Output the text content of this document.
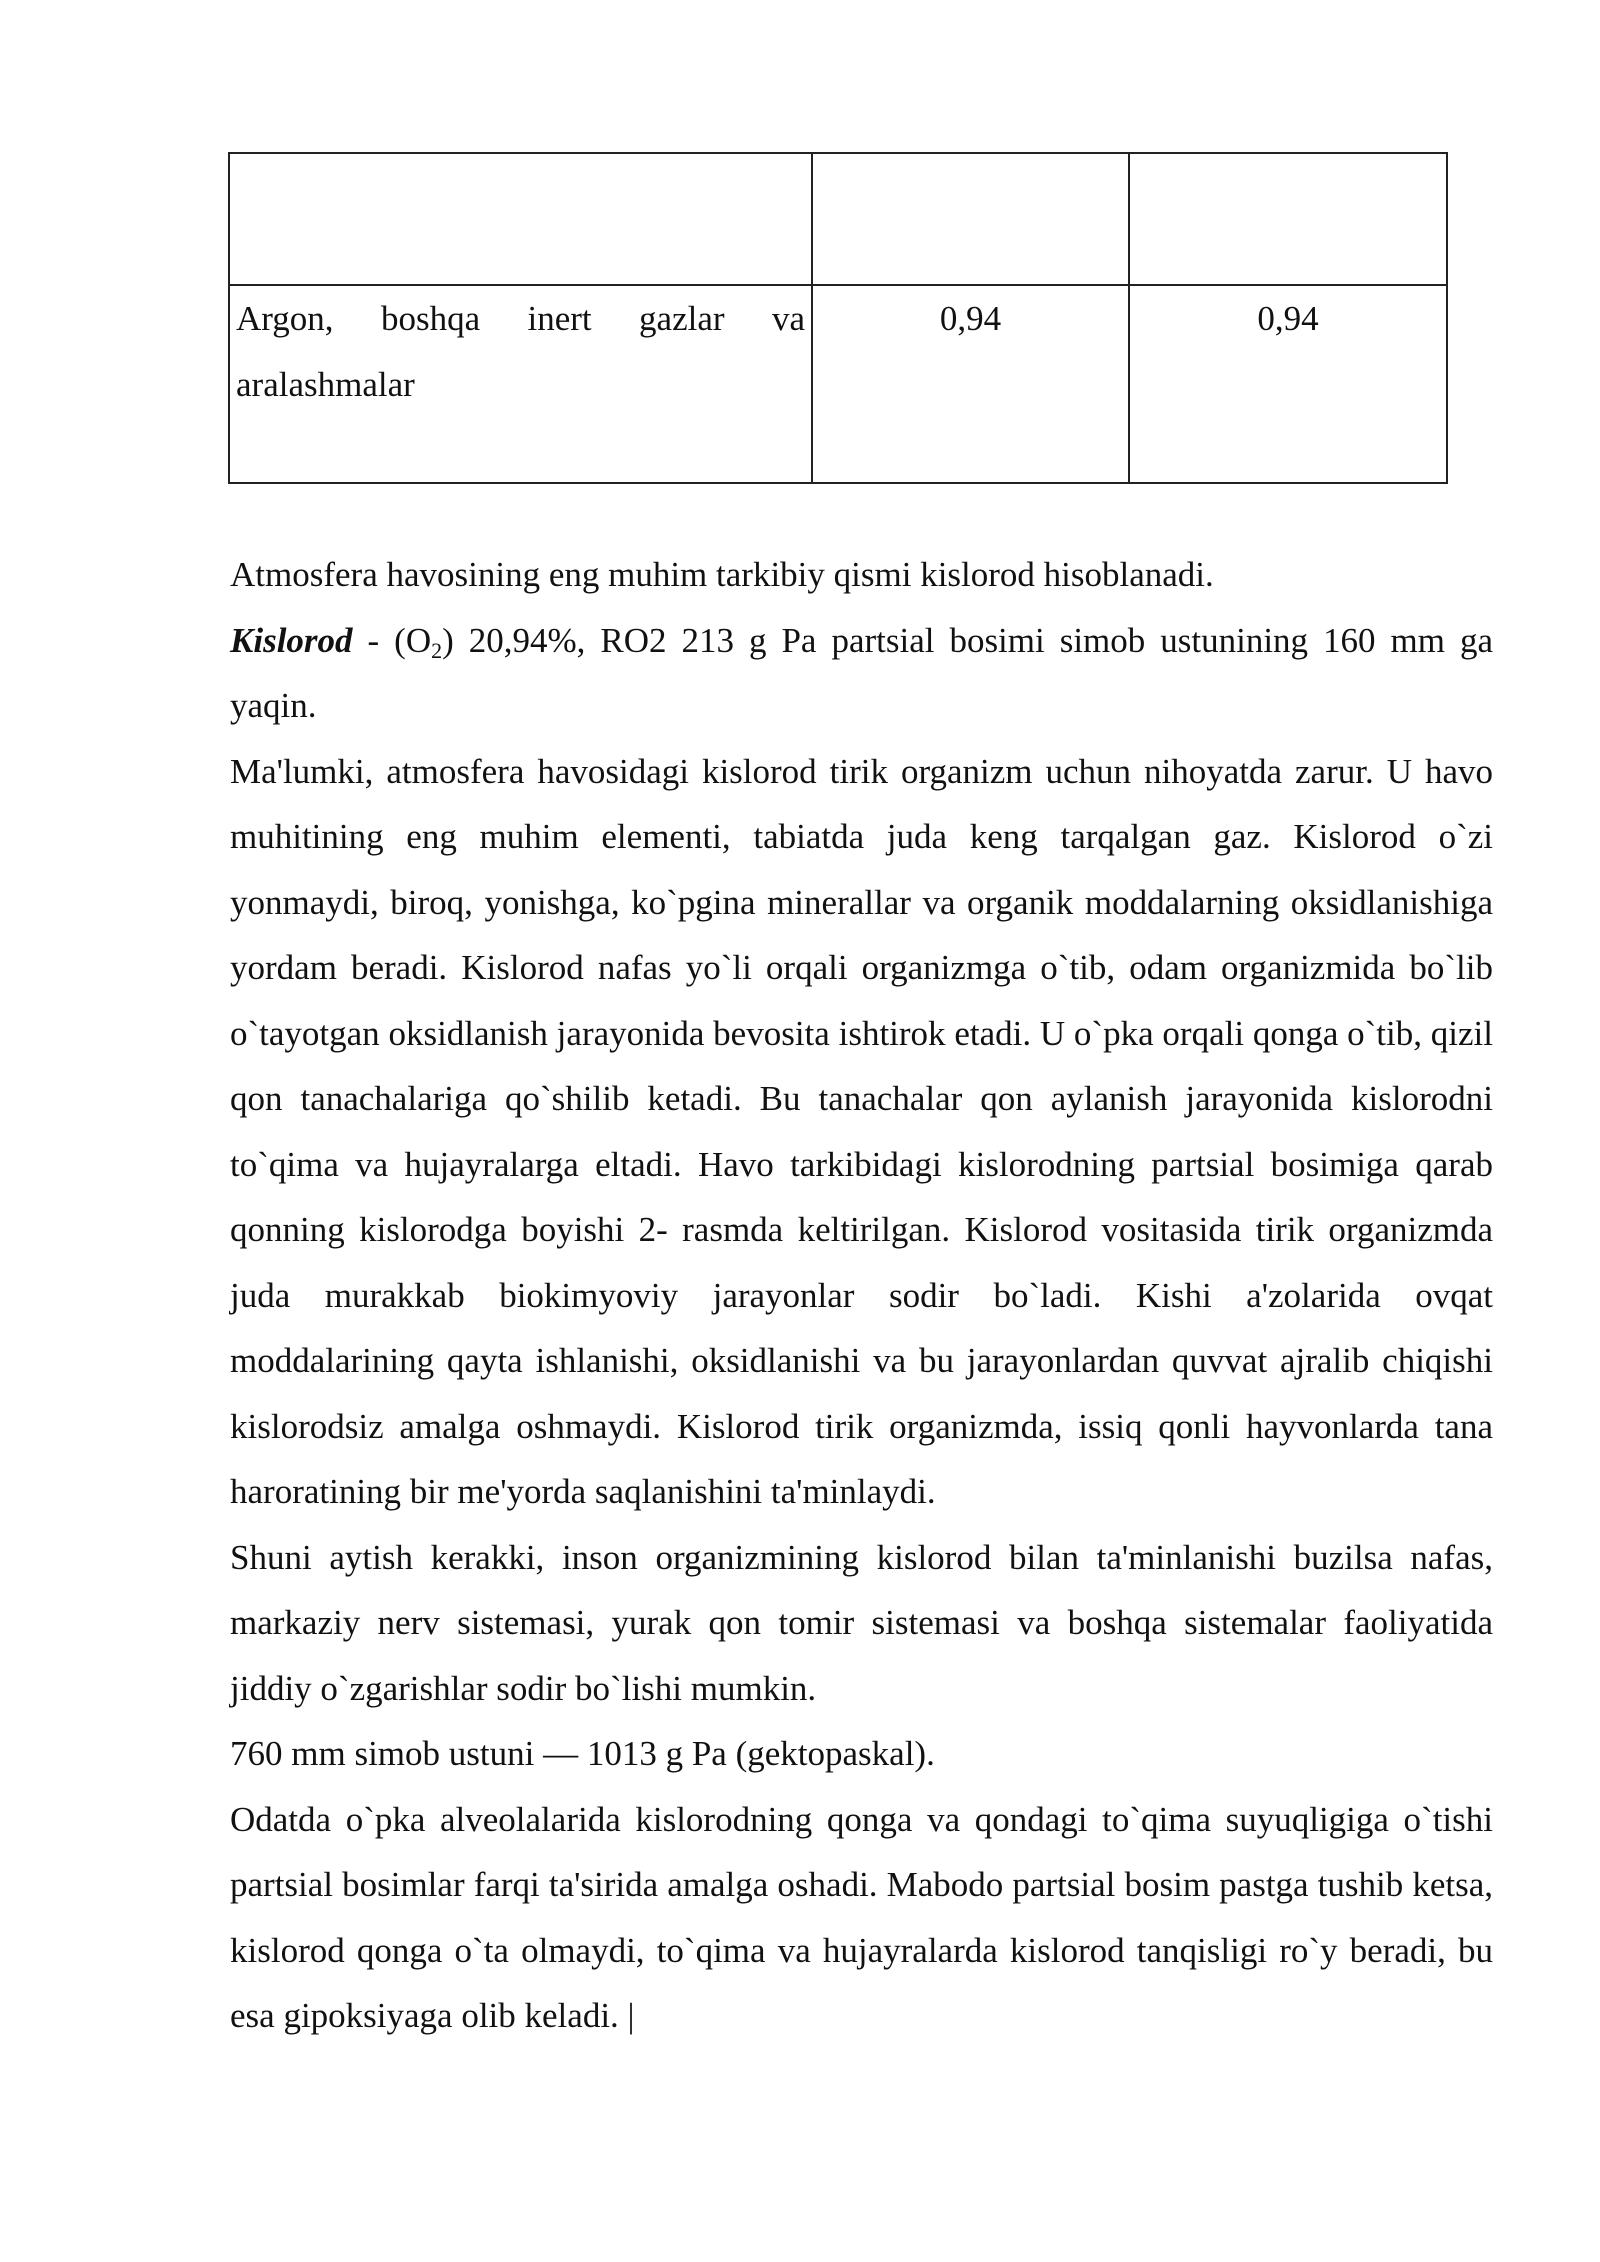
Argon, boshqa inert gazlar va aralashmalar	0,94	0,94

Atmosfera havosining eng muhim tarkibiy qismi kislorod hisoblanadi.

Kislorod - $(O_2)$ 20,94%, RO2 213 g Pa partsial bosimi simob ustunining 160 mm ga yaqin.

Ma'lumki, atmosfera havosidagi kislorod tirik organizm uchun nihoyatda zarur. U havo muhitining eng muhim elementi, tabiatda juda keng tarqalgan gaz. Kislorod o`zi yonmaydi, biroq, yonishga, ko`pgina minerallar va organik moddalarning oksidlanishiga yordam beradi. Kislorod nafas yo`li orqali organizmga o`tib, odam organizmida bo`lib o`tayotgan oksidlanish jarayonida bevosita ishtirok etadi. U o`pka orqali qonga o`tib, qizil qon tanachalariga qo`shilib ketadi. Bu tanachalar qon aylanish jarayonida kislorodni to`qima va hujayralarga eltadi. Havo tarkibidagi kislorodning partsial bosimiga qarab qonning kislorodga boyishi 2- rasmda keltirilgan. Kislorod vositasida tirik organizmda juda murakkab biokimyoviy jarayonlar sodir bo`ladi. Kishi a'zolarida ovqat moddalarining qayta ishlanishi, oksidlanishi va bu jarayonlardan quvvat ajralib chiqishi kislorodsiz amalga oshmaydi. Kislorod tirik organizmda, issiq qonli hayvonlarda tana haroratining bir me'yorda saqlanishini ta'minlaydi.

Shuni aytish kerakki, inson organizmining kislorod bilan ta'minlanishi buzilsa nafas, markaziy nerv sistemasi, yurak qon tomir sistemasi va boshqa sistemalar faoliyatida jiddiy o`zgarishlar sodir bo`lishi mumkin.

760 mm simob ustuni — 1013 g Pa (gektopaskal).

Odatda o`pka alveolalarida kislorodning qonga va qondagi to`qima suyuqligiga o`tishi partsial bosimlar farqi ta'sirida amalga oshadi. Mabodo partsial bosim pastga tushib ketsa, kislorod qonga o`ta olmaydi, to`qima va hujayralarda kislorod tanqisligi ro`y beradi, bu esa gipoksiyaga olib keladi. |
